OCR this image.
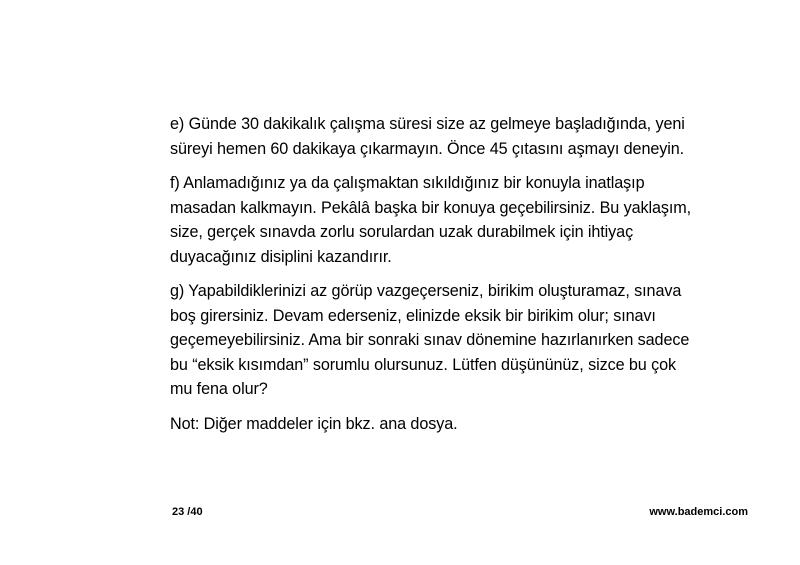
e) Günde 30 dakikalık çalışma süresi size az gelmeye başladığında, yeni
süreyi hemen 60 dakikaya çıkarmayın. Önce 45 çıtasını aşmayı deneyin.

f) Anlamadığınız ya da çalışmaktan sıkıldığınız bir konuyla inatlaşıp
masadan kalkmayın. Pekâlâ başka bir konuya geçebilirsiniz. Bu yaklaşım,
size, gerçek sınavda zorlu sorulardan uzak durabilmek için ihtiyaç
duyacağınız disiplini kazandırır.

g) Yapabildiklerinizi az görüp vazgeçerseniz, birikim oluşturamaz, sınava
boş girersiniz. Devam ederseniz, elinizde eksik bir birikim olur; sınavı
geçemeyebilirsiniz. Ama bir sonraki sınav dönemine hazırlanırken sadece
bu “eksik kısımdan” sorumlu olursunuz. Lütfen düşününüz, sizce bu çok
mu fena olur?

Not: Diğer maddeler için bkz. ana dosya.

23 /40	www.bademci.com
